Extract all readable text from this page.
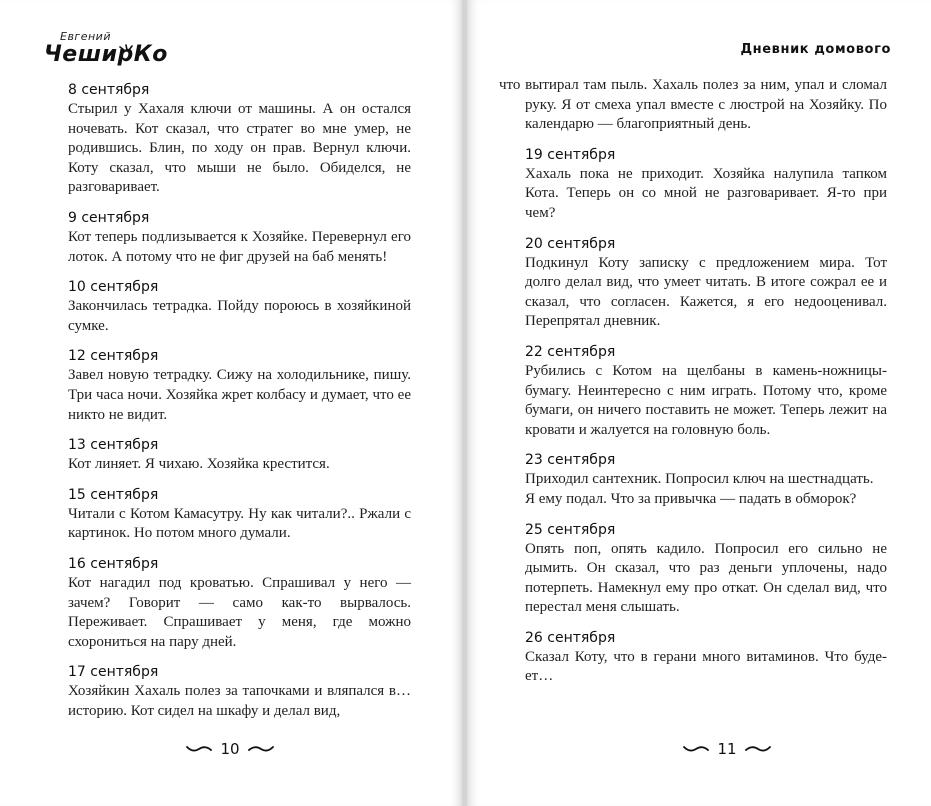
Евгений
ЧеширКо

8 сентября

Стырил у Хахаля ключи от машины. А он остался ночевать. Кот сказал, что стратег во мне умер, не родившись. Блин, по ходу он прав. Вернул ключи. Коту сказал, что мыши не было. Обиделся, не разговаривает.

9 сентября

Кот теперь подлизывается к Хозяйке. Перевернул его лоток. А потому что не фиг друзей на баб менять!

10 сентября

Закончилась тетрадка. Пойду пороюсь в хозяйкиной сумке.

12 сентября

Завел новую тетрадку. Сижу на холодильнике, пишу. Три часа ночи. Хозяйка жрет колбасу и думает, что ее никто не видит.

13 сентября

Кот линяет. Я чихаю. Хозяйка крестится.

15 сентября

Читали с Котом Камасутру. Ну как читали?.. Ржали с картинок. Но потом много думали.

16 сентября

Кот нагадил под кроватью. Спрашивал у него — зачем? Говорит — само как-то вырвалось. Переживает. Спрашивает у меня, где можно схорониться на пару дней.

17 сентября

Хозяйкин Хахаль полез за тапочками и вляпался в… историю. Кот сидел на шкафу и делал вид,

10
Дневник домового

что вытирал там пыль. Хахаль полез за ним, упал и сломал руку. Я от смеха упал вместе с люстрой на Хозяйку. По календарю — благоприятный день.

19 сентября

Хахаль пока не приходит. Хозяйка налупила тапком Кота. Теперь он со мной не разговаривает. Я-то при чем?

20 сентября

Подкинул Коту записку с предложением мира. Тот долго делал вид, что умеет читать. В итоге сожрал ее и сказал, что согласен. Кажется, я его недооценивал. Перепрятал дневник.

22 сентября

Рубились с Котом на щелбаны в камень-ножницы-бумагу. Неинтересно с ним играть. Потому что, кроме бумаги, он ничего поставить не может. Теперь лежит на кровати и жалуется на головную боль.

23 сентября

Приходил сантехник. Попросил ключ на шестнадцать.

Я ему подал. Что за привычка — падать в обморок?

25 сентября

Опять поп, опять кадило. Попросил его сильно не дымить. Он сказал, что раз деньги уплочены, надо потерпеть. Намекнул ему про откат. Он сделал вид, что перестал меня слышать.

26 сентября

Сказал Коту, что в герани много витаминов. Что буде-ет…

11
